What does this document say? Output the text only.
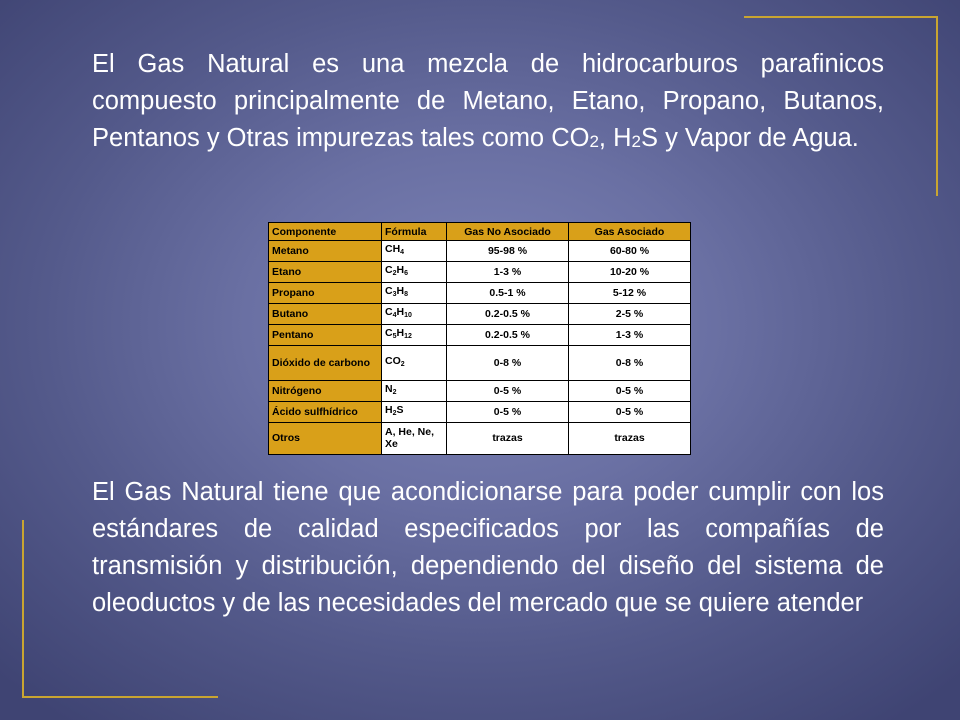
El Gas Natural es una mezcla de hidrocarburos parafinicos compuesto principalmente de Metano, Etano, Propano, Butanos, Pentanos y Otras impurezas tales como $CO_2$, $H_2S$ y Vapor de Agua.

Componente	Fórmula	Gas No Asociado	Gas Asociado
Metano	$CH_4$	95-98 %	60-80 %
Etano	$C_2H_6$	1-3 %	10-20 %
Propano	$C_3H_8$	0.5-1 %	5-12 %
Butano	$C_4H_{10}$	0.2-0.5 %	2-5 %
Pentano	$C_5H_{12}$	0.2-0.5 %	1-3 %
Dióxido de carbono	$CO_2$	0-8 %	0-8 %
Nitrógeno	$N_2$	0-5 %	0-5 %
Ácido sulfhídrico	$H_2S$	0-5 %	0-5 %
Otros	A, He, Ne, Xe	trazas	trazas

El Gas Natural tiene que acondicionarse para poder cumplir con los estándares de calidad especificados por las compañías de transmisión y distribución, dependiendo del diseño del sistema de oleoductos y de las necesidades del mercado que se quiere atender
